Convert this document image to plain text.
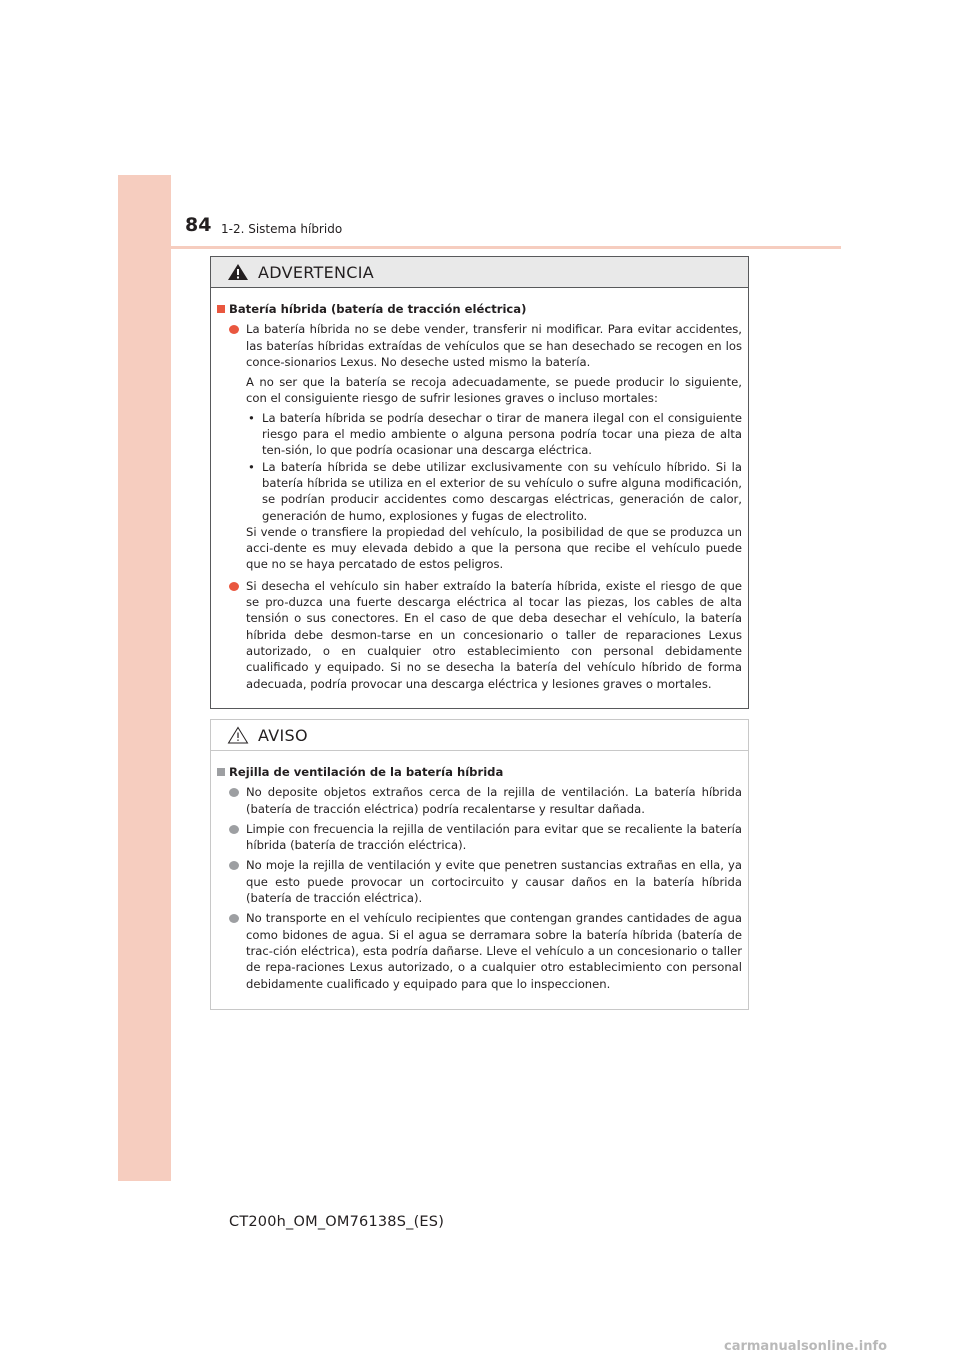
84 1-2. Sistema híbrido
ADVERTENCIA
Batería híbrida (batería de tracción eléctrica)
La batería híbrida no se debe vender, transferir ni modificar. Para evitar accidentes, las baterías híbridas extraídas de vehículos que se han desechado se recogen en los conce-sionarios Lexus. No deseche usted mismo la batería.
A no ser que la batería se recoja adecuadamente, se puede producir lo siguiente, con el consiguiente riesgo de sufrir lesiones graves o incluso mortales:
• La batería híbrida se podría desechar o tirar de manera ilegal con el consiguiente riesgo para el medio ambiente o alguna persona podría tocar una pieza de alta ten-sión, lo que podría ocasionar una descarga eléctrica.
• La batería híbrida se debe utilizar exclusivamente con su vehículo híbrido. Si la batería híbrida se utiliza en el exterior de su vehículo o sufre alguna modificación, se podrían producir accidentes como descargas eléctricas, generación de calor, generación de humo, explosiones y fugas de electrolito.
Si vende o transfiere la propiedad del vehículo, la posibilidad de que se produzca un acci-dente es muy elevada debido a que la persona que recibe el vehículo puede que no se haya percatado de estos peligros.
Si desecha el vehículo sin haber extraído la batería híbrida, existe el riesgo de que se pro-duzca una fuerte descarga eléctrica al tocar las piezas, los cables de alta tensión o sus conectores. En el caso de que deba desechar el vehículo, la batería híbrida debe desmon-tarse en un concesionario o taller de reparaciones Lexus autorizado, o en cualquier otro establecimiento con personal debidamente cualificado y equipado. Si no se desecha la batería del vehículo híbrido de forma adecuada, podría provocar una descarga eléctrica y lesiones graves o mortales.
AVISO
Rejilla de ventilación de la batería híbrida
No deposite objetos extraños cerca de la rejilla de ventilación. La batería híbrida (batería de tracción eléctrica) podría recalentarse y resultar dañada.
Limpie con frecuencia la rejilla de ventilación para evitar que se recaliente la batería híbrida (batería de tracción eléctrica).
No moje la rejilla de ventilación y evite que penetren sustancias extrañas en ella, ya que esto puede provocar un cortocircuito y causar daños en la batería híbrida (batería de tracción eléctrica).
No transporte en el vehículo recipientes que contengan grandes cantidades de agua como bidones de agua. Si el agua se derramara sobre la batería híbrida (batería de trac-ción eléctrica), esta podría dañarse. Lleve el vehículo a un concesionario o taller de repa-raciones Lexus autorizado, o a cualquier otro establecimiento con personal debidamente cualificado y equipado para que lo inspeccionen.
CT200h_OM_OM76138S_(ES)
carmanualsonline.info
